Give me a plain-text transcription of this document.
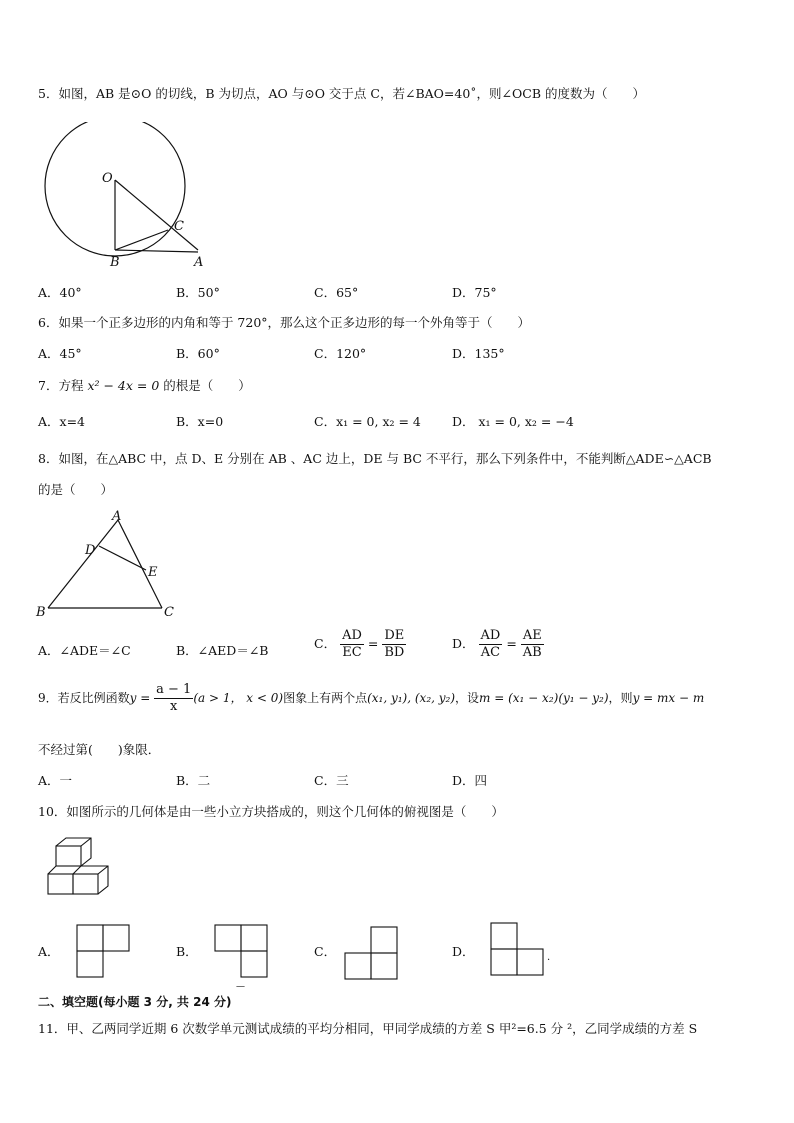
5．如图，AB 是⊙O 的切线，B 为切点，AO 与⊙O 交于点 C，若∠BAO=40˚，则∠OCB 的度数为（　　）
O
C
B	A
A．40°	B．50°	C．65°	D．75°
6．如果一个正多边形的内角和等于 720°，那么这个正多边形的每一个外角等于（　　）
A．45°	B．60°	C．120°	D．135°
7．方程 x² − 4x = 0 的根是（　　）
A．x=4	B．x=0	C．x₁ = 0, x₂ = 4 D． x₁ = 0, x₂ = −4
8．如图，在△ABC 中，点 D、E 分别在 AB 、AC 边上，DE 与 BC 不平行，那么下列条件中，不能判断△ADE∽△ACB
的是（　　）
A
D
E
B	C
A．∠ADE＝∠C	B．∠AED＝∠B	C． $\frac{AD}{EC} = \frac{DE}{BD}$	D． $\frac{AD}{AC} = \frac{AE}{AB}$
9．若反比例函数$y = \frac{a - 1}{x} (a > 1$， x < 0)图象上有两个点(x₁, y₁), (x₂, y₂)，设m = (x₁ − x₂)(y₁ − y₂)，则y = mx − m
不经过第(　　)象限．
A．一	B．二	C．三	D．四
10．如图所示的几何体是由一些小立方块搭成的，则这个几何体的俯视图是（　　）
A．	B．	C．	D．	.
—
二、填空题(每小题 3 分, 共 24 分)
11．甲、乙两同学近期 6 次数学单元测试成绩的平均分相同，甲同学成绩的方差 S 甲²=6.5 分 ²，乙同学成绩的方差 S
